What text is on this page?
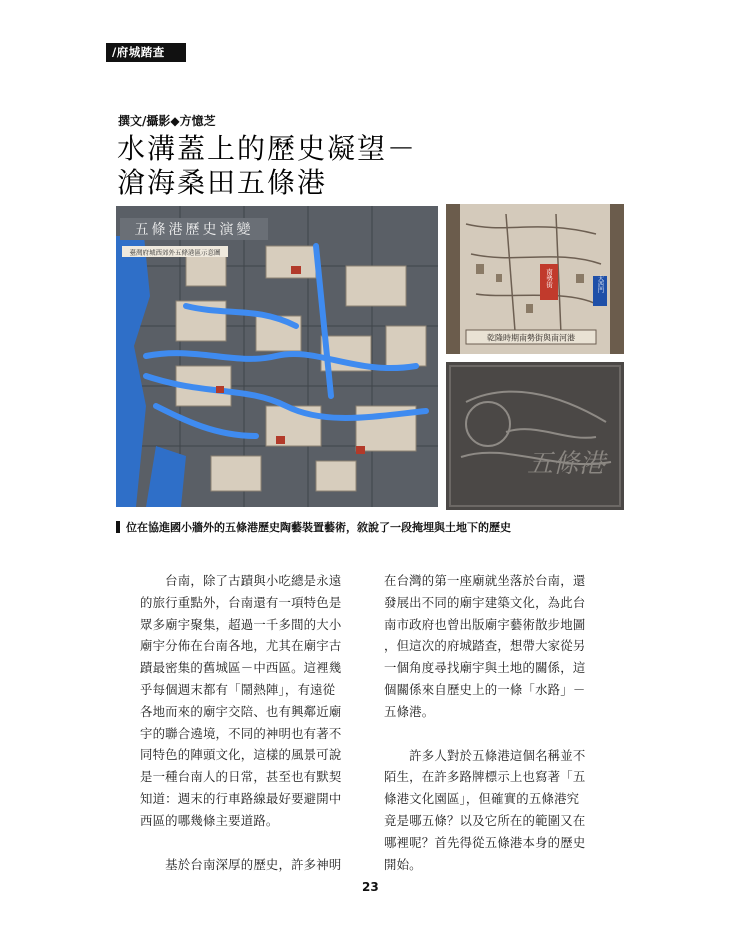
/府城踏查
撰文/攝影◆方憶芝
水溝蓋上的歷史凝望－
滄海桑田五條港
五條港歷史演變
臺灣府城西郊外五條港區示意圖
南勢街	大西門
乾隆時期南勢街與南河港
五條港
位在協進國小牆外的五條港歷史陶藝裝置藝術，敘說了一段掩埋與土地下的歷史

　　台南，除了古蹟與小吃總是永遠

的旅行重點外，台南還有一項特色是

眾多廟宇聚集，超過一千多間的大小

廟宇分佈在台南各地，尤其在廟宇古

蹟最密集的舊城區－中西區。這裡幾

乎每個週末都有「鬧熱陣」，有遠從

各地而來的廟宇交陪、也有興鄰近廟

宇的聯合遶境，不同的神明也有著不

同特色的陣頭文化，這樣的風景可說

是一種台南人的日常，甚至也有默契

知道：週末的行車路線最好要避開中

西區的哪幾條主要道路。

　　基於台南深厚的歷史，許多神明

在台灣的第一座廟就坐落於台南，還

發展出不同的廟宇建築文化，為此台

南市政府也曾出版廟宇藝術散步地圖

，但這次的府城踏查，想帶大家從另

一個角度尋找廟宇與土地的關係，這

個關係來自歷史上的一條「水路」－

五條港。

　　許多人對於五條港這個名稱並不

陌生，在許多路牌標示上也寫著「五

條港文化園區」，但確實的五條港究

竟是哪五條？以及它所在的範圍又在

哪裡呢？首先得從五條港本身的歷史

開始。

23
